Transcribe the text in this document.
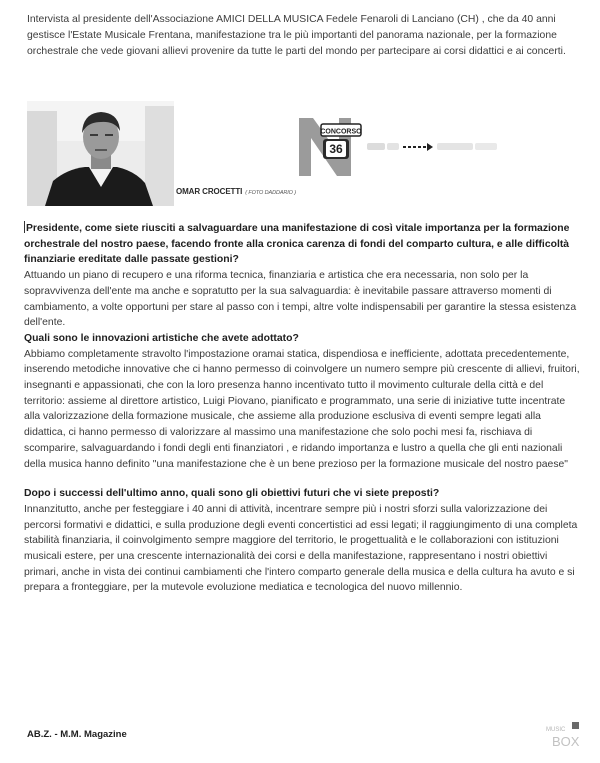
Intervista al presidente dell'Associazione AMICI DELLA MUSICA Fedele Fenaroli di Lanciano (CH) , che da 40 anni gestisce l'Estate Musicale Frentana, manifestazione tra le più importanti del panorama nazionale, per la formazione orchestrale che vede giovani allievi provenire da tutte le parti del mondo per partecipare ai corsi didattici e ai concerti.
OMAR CROCETTI ( FOTO DADDARIO )
CONCORSO
36

Presidente, come siete riusciti a salvaguardare una manifestazione di così vitale importanza per la formazione orchestrale del nostro paese, facendo fronte alla cronica carenza di fondi del comparto cultura, e alle difficoltà finanziarie ereditate dalle passate gestioni?

Attuando un piano di recupero e una riforma tecnica, finanziaria e artistica che era necessaria, non solo per la sopravvivenza dell'ente ma anche e sopratutto per la sua salvaguardia: è inevitabile passare attraverso momenti di cambiamento, a volte opportuni per stare al passo con i tempi, altre volte indispensabili per garantire la stessa esistenza dell'ente.

Quali sono le innovazioni artistiche che avete adottato?

Abbiamo completamente stravolto l'impostazione oramai statica, dispendiosa e inefficiente, adottata precedentemente, inserendo metodiche innovative che ci hanno permesso di coinvolgere un numero sempre più crescente di allievi, fruitori, insegnanti e appassionati, che con la loro presenza hanno incentivato tutto il movimento culturale della città e del territorio: assieme al direttore artistico, Luigi Piovano, pianificato e programmato, una serie di iniziative tutte incentrate alla valorizzazione della formazione musicale, che assieme alla produzione esclusiva di eventi sempre legati alla didattica, ci hanno permesso di valorizzare al massimo una manifestazione che solo pochi mesi fa, rischiava di scomparire, salvaguardando i fondi degli enti finanziatori , e ridando importanza e lustro a quella che gli enti nazionali della musica hanno definito "una manifestazione che è un bene prezioso per la formazione musicale del nostro paese"

Dopo i successi dell'ultimo anno, quali sono gli obiettivi futuri che vi siete preposti?

Innanzitutto, anche per festeggiare i 40 anni di attività, incentrare sempre più i nostri sforzi sulla valorizzazione dei percorsi formativi e didattici, e sulla produzione degli eventi concertistici ad essi legati; il raggiungimento di una completa stabilità finanziaria, il coinvolgimento sempre maggiore del territorio, le progettualità e le collaborazioni con istituzioni musicali estere, per una crescente internazionalità dei corsi e della manifestazione, rappresentano i nostri obiettivi primari, anche in vista dei continui cambiamenti che l'intero comparto generale della musica e della cultura ha avuto e si prepara a fronteggiare, per la mutevole evoluzione mediatica e tecnologica del nuovo millennio.

AB.Z. - M.M. Magazine	MUSIC
BOX
